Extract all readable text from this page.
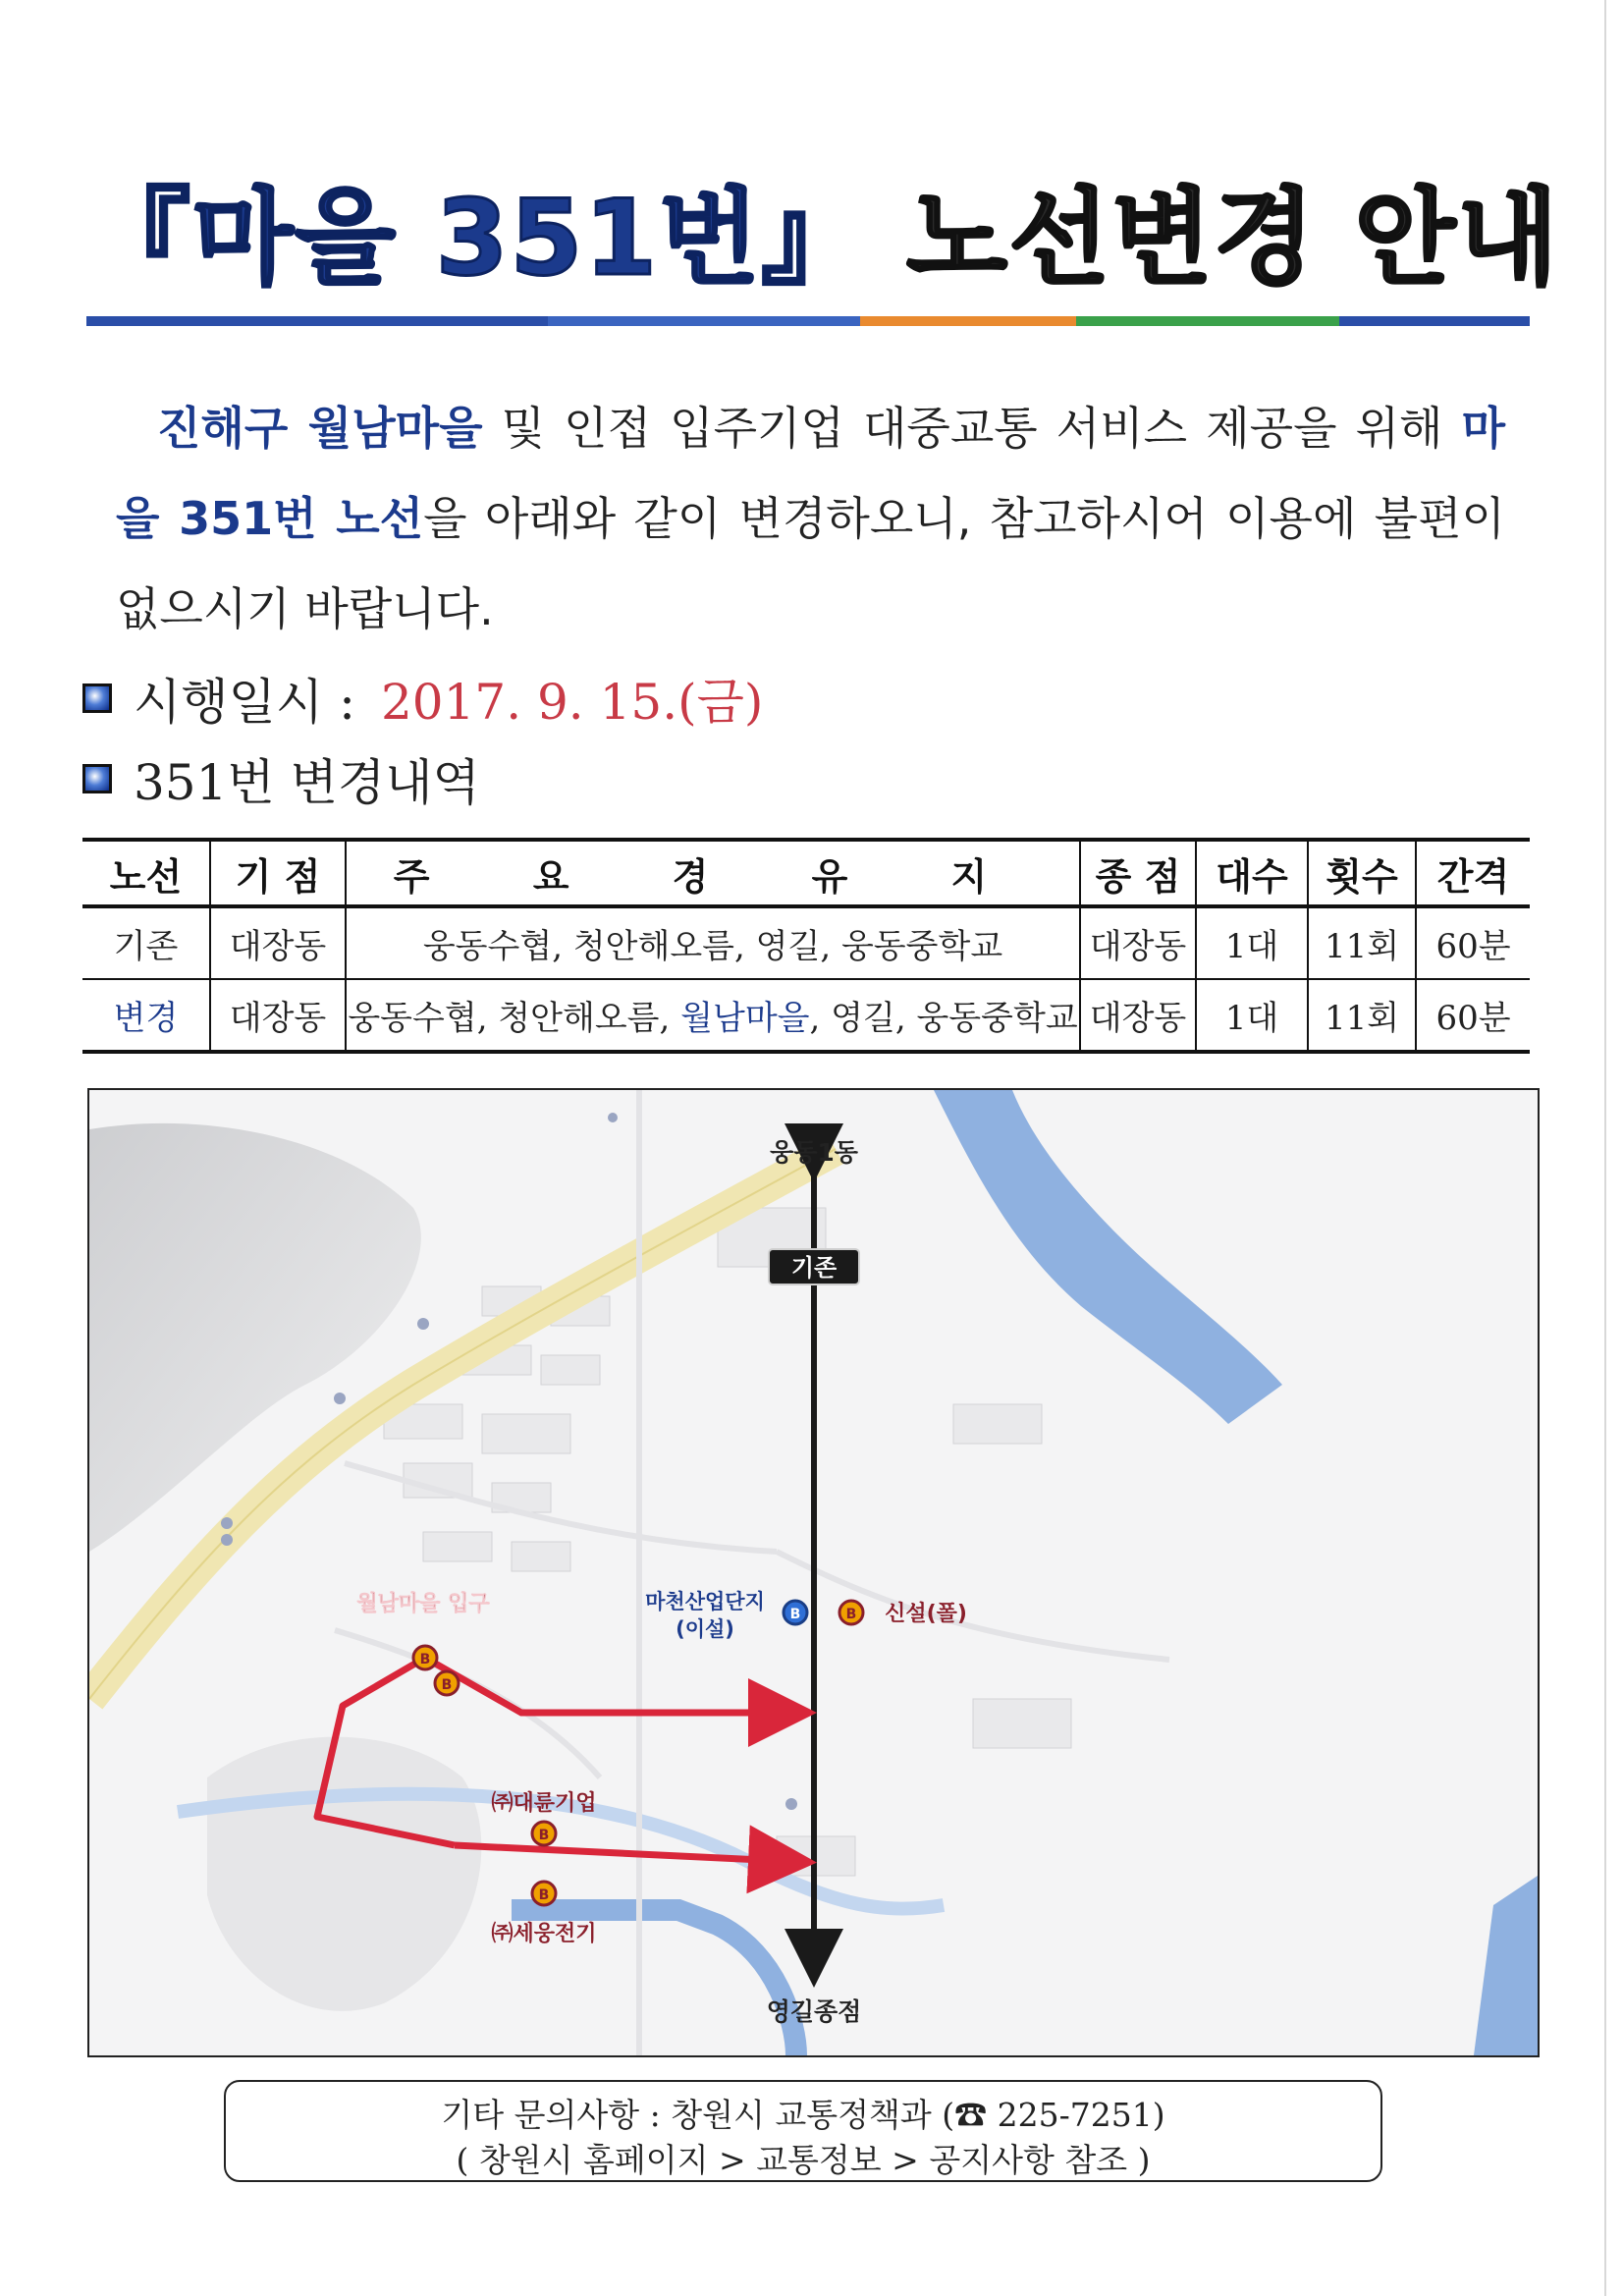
『마을 351번』 노선변경 안내
진해구 월남마을 및 인접 입주기업 대중교통 서비스 제공을 위해 마을 351번 노선을 아래와 같이 변경하오니, 참고하시어 이용에 불편이 없으시기 바랍니다.
시행일시 : 2017. 9. 15.(금)
351번 변경내역
노선	기 점	주 요 경 유 지	종 점	대수	횟수	간격
기존	대장동	웅동수협, 청안해오름, 영길, 웅동중학교	대장동	1대	11회	60분
변경	대장동	웅동수협, 청안해오름, 월남마을, 영길, 웅동중학교	대장동	1대	11회	60분
기존
웅동1동
영길종점
B
B
B
B
B
B
월남마을 입구	마천산업단지
(이설)
신설(폴)
㈜대륜기업
㈜세웅전기
기타 문의사항 : 창원시 교통정책과 (☎ 225-7251)
( 창원시 홈페이지 > 교통정보 > 공지사항 참조 )
